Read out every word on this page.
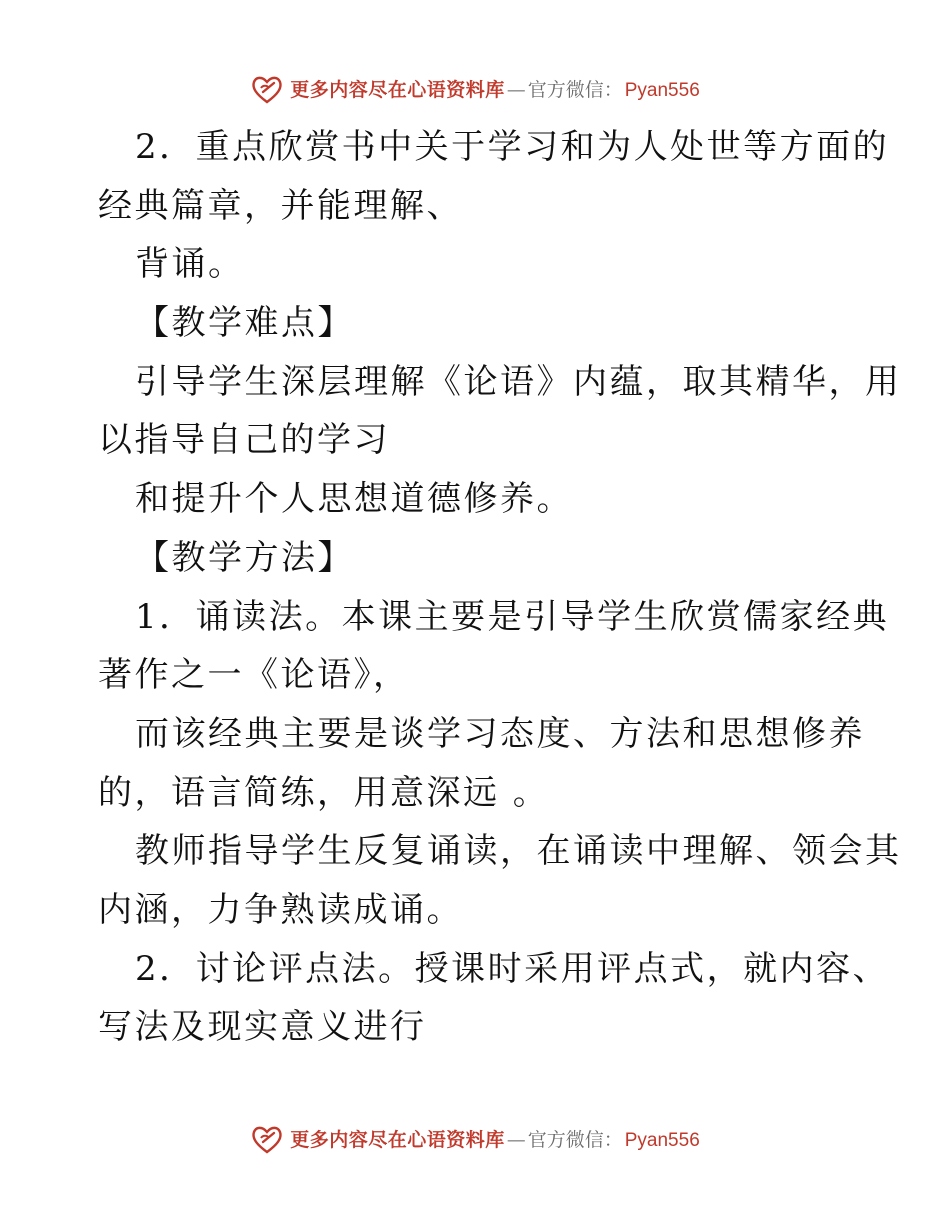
更多内容尽在心语资料库 — 官方微信： Pyan556
2．重点欣赏书中关于学习和为人处世等方面的
经典篇章，并能理解、
背诵。
【教学难点】
引导学生深层理解《论语》内蕴，取其精华，用
以指导自己的学习
和提升个人思想道德修养。
【教学方法】
1．诵读法。本课主要是引导学生欣赏儒家经典
著作之一《论语》，
而该经典主要是谈学习态度、方法和思想修养
的，语言简练，用意深远 。
教师指导学生反复诵读，在诵读中理解、领会其
内涵，力争熟读成诵。
2．讨论评点法。授课时采用评点式，就内容、
写法及现实意义进行
更多内容尽在心语资料库 — 官方微信： Pyan556
